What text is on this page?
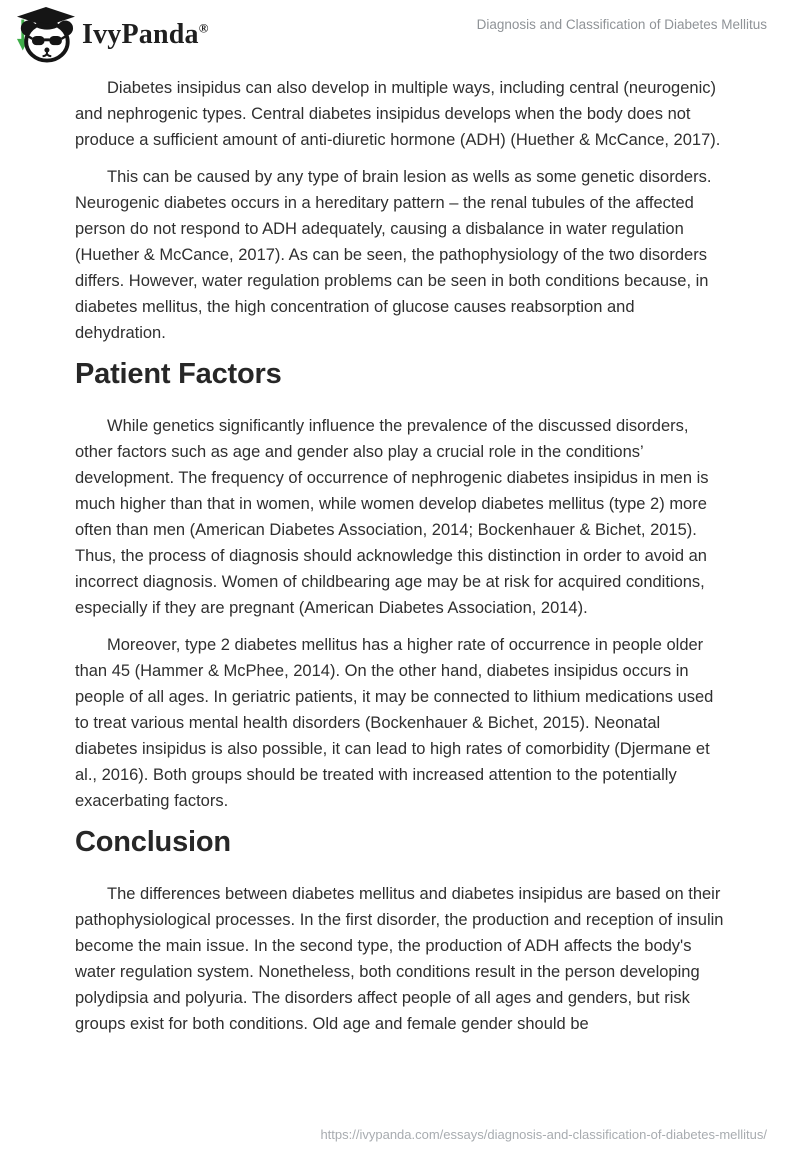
IvyPanda®	Diagnosis and Classification of Diabetes Mellitus

Diabetes insipidus can also develop in multiple ways, including central (neurogenic) and nephrogenic types. Central diabetes insipidus develops when the body does not produce a sufficient amount of anti-diuretic hormone (ADH) (Huether & McCance, 2017).

This can be caused by any type of brain lesion as wells as some genetic disorders. Neurogenic diabetes occurs in a hereditary pattern – the renal tubules of the affected person do not respond to ADH adequately, causing a disbalance in water regulation (Huether & McCance, 2017). As can be seen, the pathophysiology of the two disorders differs. However, water regulation problems can be seen in both conditions because, in diabetes mellitus, the high concentration of glucose causes reabsorption and dehydration.

Patient Factors

While genetics significantly influence the prevalence of the discussed disorders, other factors such as age and gender also play a crucial role in the conditions’ development. The frequency of occurrence of nephrogenic diabetes insipidus in men is much higher than that in women, while women develop diabetes mellitus (type 2) more often than men (American Diabetes Association, 2014; Bockenhauer & Bichet, 2015). Thus, the process of diagnosis should acknowledge this distinction in order to avoid an incorrect diagnosis. Women of childbearing age may be at risk for acquired conditions, especially if they are pregnant (American Diabetes Association, 2014).

Moreover, type 2 diabetes mellitus has a higher rate of occurrence in people older than 45 (Hammer & McPhee, 2014). On the other hand, diabetes insipidus occurs in people of all ages. In geriatric patients, it may be connected to lithium medications used to treat various mental health disorders (Bockenhauer & Bichet, 2015). Neonatal diabetes insipidus is also possible, it can lead to high rates of comorbidity (Djermane et al., 2016). Both groups should be treated with increased attention to the potentially exacerbating factors.

Conclusion

The differences between diabetes mellitus and diabetes insipidus are based on their pathophysiological processes. In the first disorder, the production and reception of insulin become the main issue. In the second type, the production of ADH affects the body's water regulation system. Nonetheless, both conditions result in the person developing polydipsia and polyuria. The disorders affect people of all ages and genders, but risk groups exist for both conditions. Old age and female gender should be

https://ivypanda.com/essays/diagnosis-and-classification-of-diabetes-mellitus/
